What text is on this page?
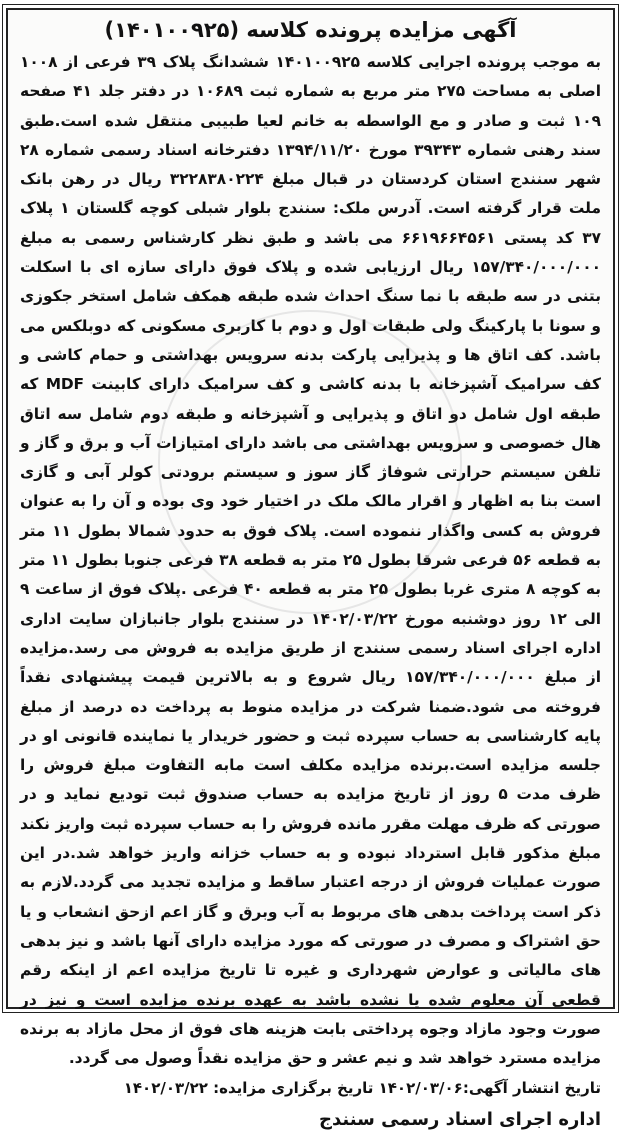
آگهی مزایده پرونده کلاسه (۱۴۰۱۰۰۹۲۵)

به موجب پرونده اجرایی کلاسه ۱۴۰۱۰۰۹۲۵ ششدانگ پلاک ۳۹ فرعی از ۱۰۰۸ اصلی به مساحت ۲۷۵ متر مربع به شماره ثبت ۱۰۶۸۹ در دفتر جلد ۴۱ صفحه ۱۰۹ ثبت و صادر و مع الواسطه به خانم لعیا طبیبی منتقل شده است.طبق سند رهنی شماره ۳۹۳۴۳ مورخ ۱۳۹۴/۱۱/۲۰ دفترخانه اسناد رسمی شماره ۲۸ شهر سنندج استان کردستان در قبال مبلغ ۳۲۲۸۳۸۰۲۲۴ ریال در رهن بانک ملت قرار گرفته است. آدرس ملک: سنندج بلوار شبلی کوچه گلستان ۱ پلاک ۳۷ کد پستی ۶۶۱۹۶۶۴۵۶۱ می باشد و طبق نظر کارشناس رسمی به مبلغ ۱۵۷/۳۴۰/۰۰۰/۰۰۰ ریال ارزیابی شده و پلاک فوق دارای سازه ای با اسکلت بتنی در سه طبقه با نما سنگ احداث شده طبقه همکف شامل استخر جکوزی و سونا با پارکینگ ولی طبقات اول و دوم با کاربری مسکونی که دوبلکس می باشد. کف اتاق ها و پذیرایی پارکت بدنه سرویس بهداشتی و حمام کاشی و کف سرامیک آشپزخانه با بدنه کاشی و کف سرامیک دارای کابینت MDF که طبقه اول شامل دو اتاق و پذیرایی و آشپزخانه و طبقه دوم شامل سه اتاق هال خصوصی و سرویس بهداشتی می باشد دارای امتیازات آب و برق و گاز و تلفن سیستم حرارتی شوفاژ گاز سوز و سیستم برودتی کولر آبی و گازی است بنا به اظهار و اقرار مالک ملک در اختیار خود وی بوده و آن را به عنوان فروش به کسی واگذار ننموده است. پلاک فوق به حدود شمالا بطول ۱۱ متر به قطعه ۵۶ فرعی شرقا بطول ۲۵ متر به قطعه ۳۸ فرعی جنوبا بطول ۱۱ متر به کوچه ۸ متری غربا بطول ۲۵ متر به قطعه ۴۰ فرعی .پلاک فوق از ساعت ۹ الی ۱۲ روز دوشنبه مورخ ۱۴۰۲/۰۳/۲۲ در سنندج بلوار جانبازان سایت اداری اداره اجرای اسناد رسمی سنندج از طریق مزایده به فروش می رسد.مزایده از مبلغ ۱۵۷/۳۴۰/۰۰۰/۰۰۰ ریال شروع و به بالاترین قیمت پیشنهادی نقداً فروخته می شود.ضمنا شرکت در مزایده منوط به پرداخت ده درصد از مبلغ پایه کارشناسی به حساب سپرده ثبت و حضور خریدار یا نماینده قانونی او در جلسه مزایده است.برنده مزایده مکلف است مابه التفاوت مبلغ فروش را ظرف مدت ۵ روز از تاریخ مزایده به حساب صندوق ثبت تودیع نماید و در صورتی که ظرف مهلت مقرر مانده فروش را به حساب سپرده ثبت واریز نکند مبلغ مذکور قابل استرداد نبوده و به حساب خزانه واریز خواهد شد.در این صورت عملیات فروش از درجه اعتبار ساقط و مزایده تجدید می گردد.لازم به ذکر است پرداخت بدهی های مربوط به آب وبرق و گاز اعم ازحق انشعاب و یا حق اشتراک و مصرف در صورتی که مورد مزایده دارای آنها باشد و نیز بدهی های مالیاتی و عوارض شهرداری و غیره تا تاریخ مزایده اعم از اینکه رقم قطعی آن معلوم شده یا نشده باشد به عهده برنده مزایده است و نیز در صورت وجود مازاد وجوه پرداختی بابت هزینه های فوق از محل مازاد به برنده مزایده مسترد خواهد شد و نیم عشر و حق مزایده نقداً وصول می گردد.

تاریخ انتشار آگهی:۱۴۰۲/۰۳/۰۶ تاریخ برگزاری مزایده: ۱۴۰۲/۰۳/۲۲
اداره اجرای اسناد رسمی سنندج
